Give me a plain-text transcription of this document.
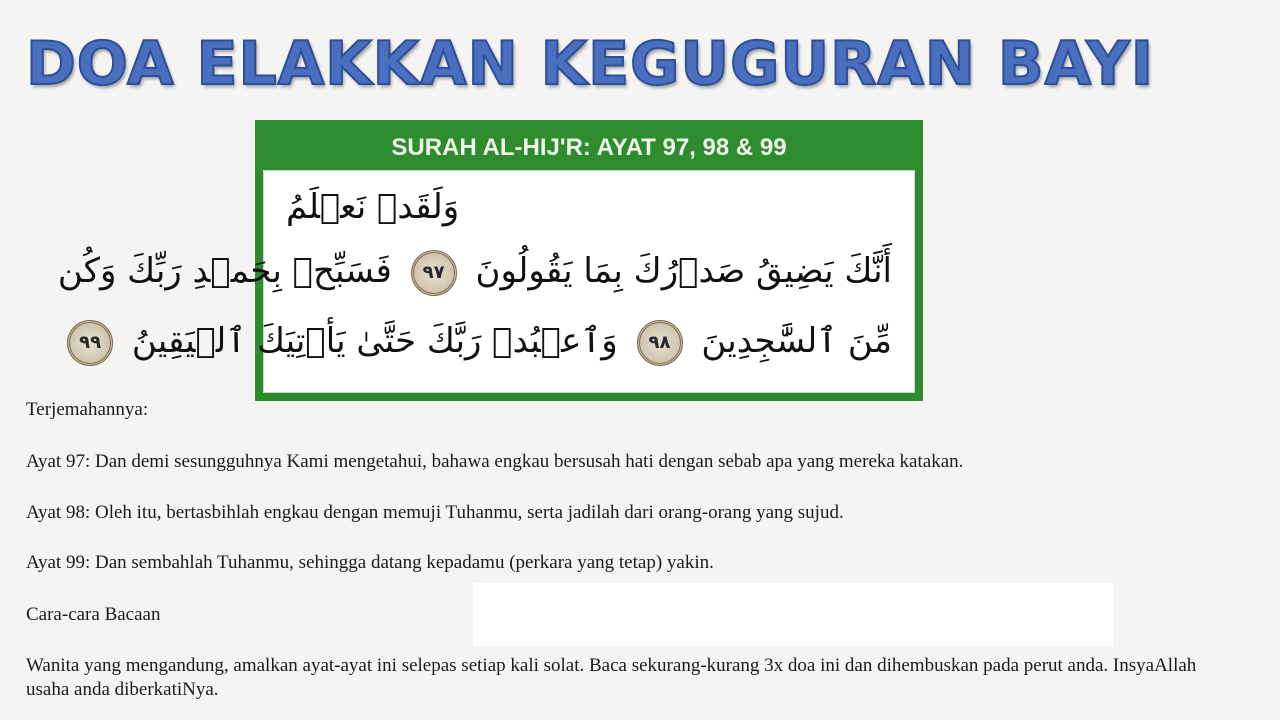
DOA ELAKKAN KEGUGURAN BAYI
SURAH AL-HIJ'R: AYAT 97, 98 & 99
وَلَقَدۡ نَعۡلَمُ
أَنَّكَ يَضِيقُ صَدۡرُكَ بِمَا يَقُولُونَ ٩٧ فَسَبِّحۡ بِحَمۡدِ رَبِّكَ وَكُن
مِّنَ ٱلسَّٰجِدِينَ ٩٨ وَٱعۡبُدۡ رَبَّكَ حَتَّىٰ يَأۡتِيَكَ ٱلۡيَقِينُ ٩٩
Terjemahannya:
Ayat 97: Dan demi sesungguhnya Kami mengetahui, bahawa engkau bersusah hati dengan sebab apa yang mereka katakan.
Ayat 98: Oleh itu, bertasbihlah engkau dengan memuji Tuhanmu, serta jadilah dari orang-orang yang sujud.
Ayat 99: Dan sembahlah Tuhanmu, sehingga datang kepadamu (perkara yang tetap) yakin.
Cara-cara Bacaan
Wanita yang mengandung, amalkan ayat-ayat ini selepas setiap kali solat. Baca sekurang-kurang 3x doa ini dan dihembuskan pada perut anda. InsyaAllah usaha anda diberkatiNya.
